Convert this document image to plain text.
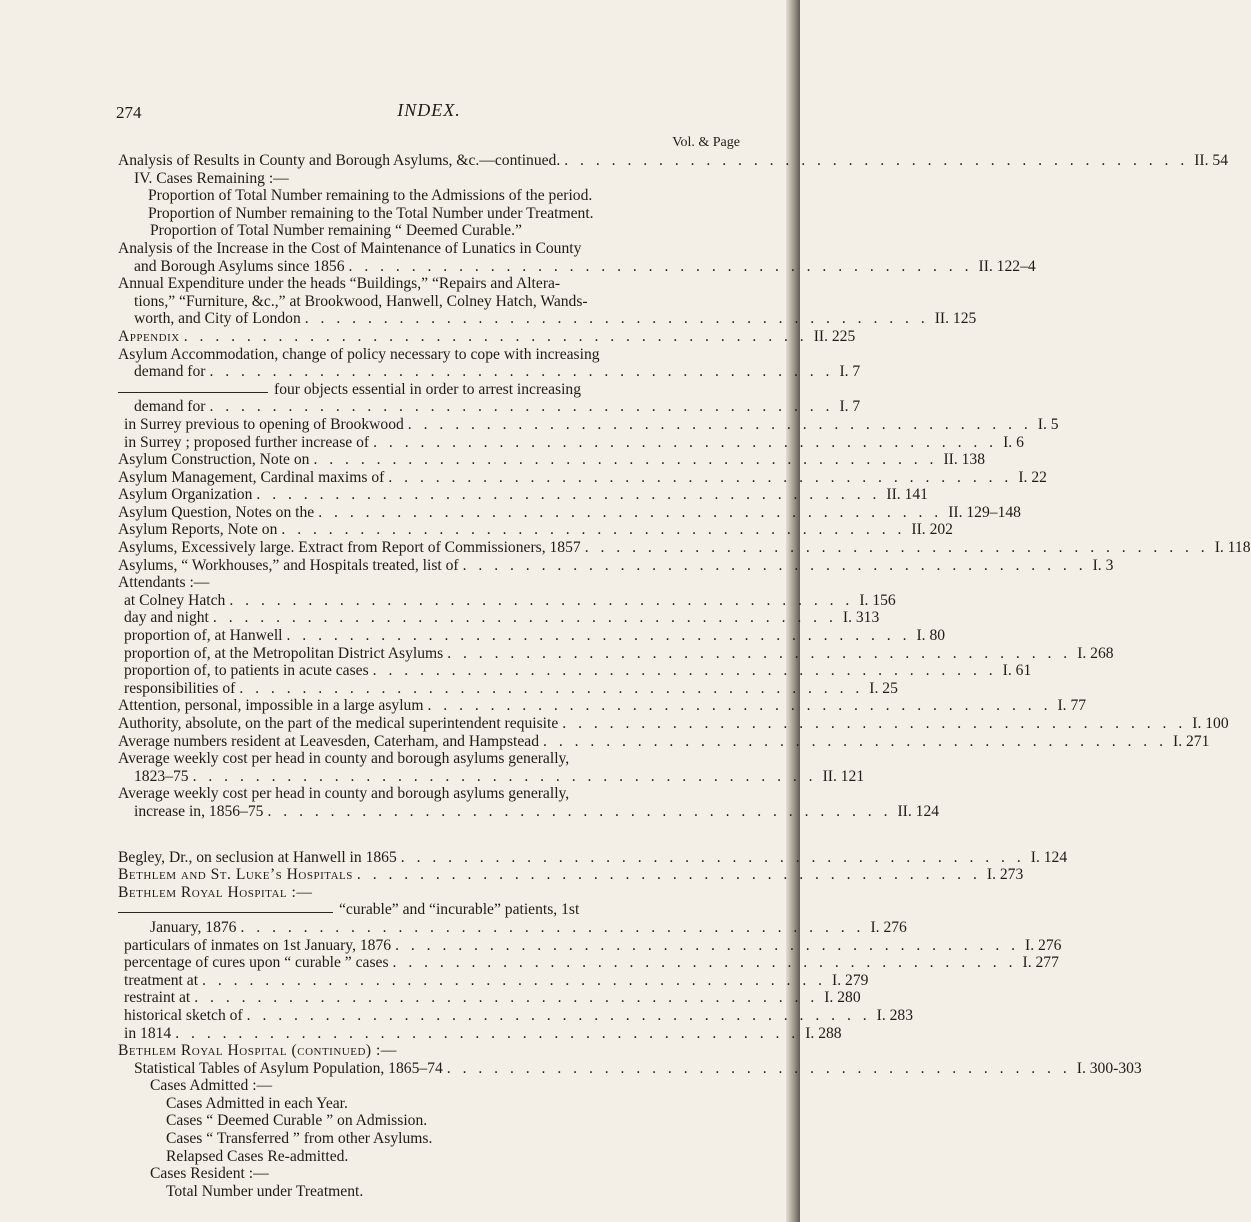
274	INDEX.
Vol. & Page
Analysis of Results in County and Borough Asylums, &c.—continued. . . . . . . . . . . . . . . . . . . . . . . . . . . . . . . . . . . . . . . . . II. 54
IV. Cases Remaining :—
Proportion of Total Number remaining to the Admissions of the period.
Proportion of Number remaining to the Total Number under Treatment.
Proportion of Total Number remaining “ Deemed Curable.”
Analysis of the Increase in the Cost of Maintenance of Lunatics in County
and Borough Asylums since 1856 . . . . . . . . . . . . . . . . . . . . . . . . . . . . . . . . . . . . . . . . II. 122–4
Annual Expenditure under the heads “Buildings,” “Repairs and Altera-
tions,” “Furniture, &c.,” at Brookwood, Hanwell, Colney Hatch, Wands-
worth, and City of London . . . . . . . . . . . . . . . . . . . . . . . . . . . . . . . . . . . . . . . . II. 125
Appendix . . . . . . . . . . . . . . . . . . . . . . . . . . . . . . . . . . . . . . . . II. 225
Asylum Accommodation, change of policy necessary to cope with increasing
demand for . . . . . . . . . . . . . . . . . . . . . . . . . . . . . . . . . . . . . . . . I. 7
four objects essential in order to arrest increasing
demand for . . . . . . . . . . . . . . . . . . . . . . . . . . . . . . . . . . . . . . . . I. 7
in Surrey previous to opening of Brookwood . . . . . . . . . . . . . . . . . . . . . . . . . . . . . . . . . . . . . . . . I. 5
in Surrey ; proposed further increase of . . . . . . . . . . . . . . . . . . . . . . . . . . . . . . . . . . . . . . . . I. 6
Asylum Construction, Note on . . . . . . . . . . . . . . . . . . . . . . . . . . . . . . . . . . . . . . . . II. 138
Asylum Management, Cardinal maxims of . . . . . . . . . . . . . . . . . . . . . . . . . . . . . . . . . . . . . . . . I. 22
Asylum Organization . . . . . . . . . . . . . . . . . . . . . . . . . . . . . . . . . . . . . . . . II. 141
Asylum Question, Notes on the . . . . . . . . . . . . . . . . . . . . . . . . . . . . . . . . . . . . . . . . II. 129–148
Asylum Reports, Note on . . . . . . . . . . . . . . . . . . . . . . . . . . . . . . . . . . . . . . . . II. 202
Asylums, Excessively large. Extract from Report of Commissioners, 1857 . . . . . . . . . . . . . . . . . . . . . . . . . . . . . . . . . . . . . . . . I. 118
Asylums, “ Workhouses,” and Hospitals treated, list of . . . . . . . . . . . . . . . . . . . . . . . . . . . . . . . . . . . . . . . . I. 3
Attendants :—
at Colney Hatch . . . . . . . . . . . . . . . . . . . . . . . . . . . . . . . . . . . . . . . . I. 156
day and night . . . . . . . . . . . . . . . . . . . . . . . . . . . . . . . . . . . . . . . . I. 313
proportion of, at Hanwell . . . . . . . . . . . . . . . . . . . . . . . . . . . . . . . . . . . . . . . . I. 80
proportion of, at the Metropolitan District Asylums . . . . . . . . . . . . . . . . . . . . . . . . . . . . . . . . . . . . . . . . I. 268
proportion of, to patients in acute cases . . . . . . . . . . . . . . . . . . . . . . . . . . . . . . . . . . . . . . . . I. 61
responsibilities of . . . . . . . . . . . . . . . . . . . . . . . . . . . . . . . . . . . . . . . . I. 25
Attention, personal, impossible in a large asylum . . . . . . . . . . . . . . . . . . . . . . . . . . . . . . . . . . . . . . . . I. 77
Authority, absolute, on the part of the medical superintendent requisite . . . . . . . . . . . . . . . . . . . . . . . . . . . . . . . . . . . . . . . . I. 100
Average numbers resident at Leavesden, Caterham, and Hampstead . . . . . . . . . . . . . . . . . . . . . . . . . . . . . . . . . . . . . . . . I. 271
Average weekly cost per head in county and borough asylums generally,
1823–75 . . . . . . . . . . . . . . . . . . . . . . . . . . . . . . . . . . . . . . . . II. 121
Average weekly cost per head in county and borough asylums generally,
increase in, 1856–75 . . . . . . . . . . . . . . . . . . . . . . . . . . . . . . . . . . . . . . . . II. 124
Begley, Dr., on seclusion at Hanwell in 1865 . . . . . . . . . . . . . . . . . . . . . . . . . . . . . . . . . . . . . . . . I. 124
Bethlem and St. Luke’s Hospitals . . . . . . . . . . . . . . . . . . . . . . . . . . . . . . . . . . . . . . . . I. 273
Bethlem Royal Hospital :—
“curable” and “incurable” patients, 1st
January, 1876 . . . . . . . . . . . . . . . . . . . . . . . . . . . . . . . . . . . . . . . . I. 276
particulars of inmates on 1st January, 1876 . . . . . . . . . . . . . . . . . . . . . . . . . . . . . . . . . . . . . . . . I. 276
percentage of cures upon “ curable ” cases . . . . . . . . . . . . . . . . . . . . . . . . . . . . . . . . . . . . . . . . I. 277
treatment at . . . . . . . . . . . . . . . . . . . . . . . . . . . . . . . . . . . . . . . . I. 279
restraint at . . . . . . . . . . . . . . . . . . . . . . . . . . . . . . . . . . . . . . . . I. 280
historical sketch of . . . . . . . . . . . . . . . . . . . . . . . . . . . . . . . . . . . . . . . . I. 283
in 1814 . . . . . . . . . . . . . . . . . . . . . . . . . . . . . . . . . . . . . . . . I. 288
Bethlem Royal Hospital (continued) :—
Statistical Tables of Asylum Population, 1865–74 . . . . . . . . . . . . . . . . . . . . . . . . . . . . . . . . . . . . . . . . I. 300-303
Cases Admitted :—
Cases Admitted in each Year.
Cases “ Deemed Curable ” on Admission.
Cases “ Transferred ” from other Asylums.
Relapsed Cases Re-admitted.
Cases Resident :—
Total Number under Treatment.
